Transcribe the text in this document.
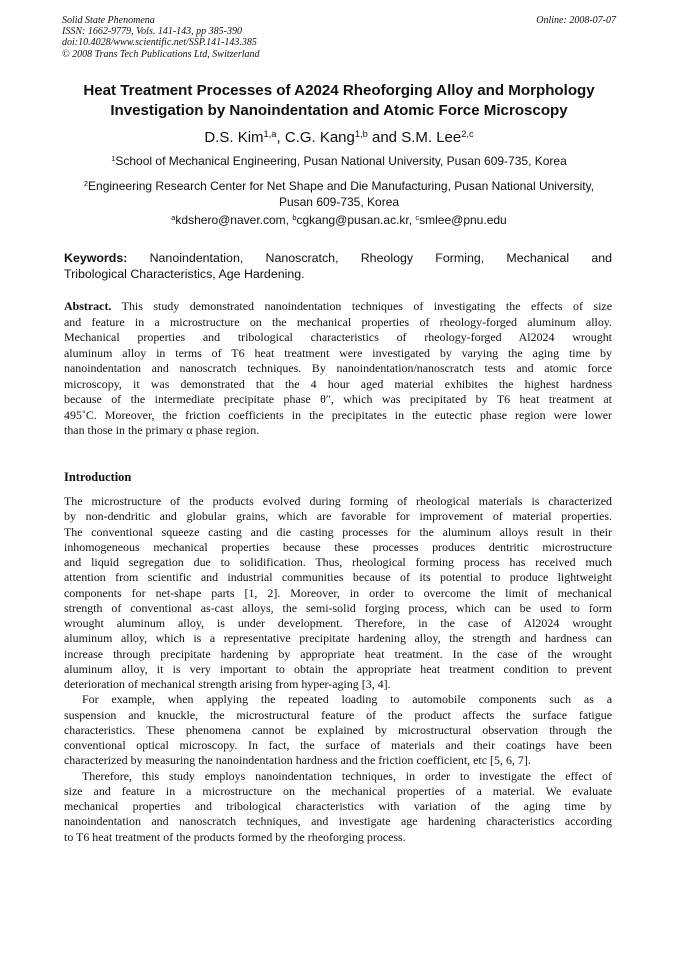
Solid State Phenomena	Online: 2008-07-07
ISSN: 1662-9779, Vols. 141-143, pp 385-390
doi:10.4028/www.scientific.net/SSP.141-143.385
© 2008 Trans Tech Publications Ltd, Switzerland
Heat Treatment Processes of A2024 Rheoforging Alloy and Morphology
Investigation by Nanoindentation and Atomic Force Microscopy
D.S. Kim$^{1,a}$, C.G. Kang$^{1,b}$ and S.M. Lee$^{2,c}$
$^1$School of Mechanical Engineering, Pusan National University, Pusan 609-735, Korea
$^2$Engineering Research Center for Net Shape and Die Manufacturing, Pusan National University,
Pusan 609-735, Korea
$^a$kdshero@naver.com, $^b$cgkang@pusan.ac.kr, $^c$smlee@pnu.edu
Keywords: Nanoindentation, Nanoscratch, Rheology Forming, Mechanical and
Tribological Characteristics, Age Hardening.
Abstract. This study demonstrated nanoindentation techniques of investigating the effects of size
and feature in a microstructure on the mechanical properties of rheology-forged aluminum alloy.
Mechanical properties and tribological characteristics of rheology-forged Al2024 wrought
aluminum alloy in terms of T6 heat treatment were investigated by varying the aging time by
nanoindentation and nanoscratch techniques. By nanoindentation/nanoscratch tests and atomic force
microscopy, it was demonstrated that the 4 hour aged material exhibites the highest hardness
because of the intermediate precipitate phase θ″, which was precipitated by T6 heat treatment at
495˚C. Moreover, the friction coefficients in the precipitates in the eutectic phase region were lower
than those in the primary α phase region.
Introduction
The microstructure of the products evolved during forming of rheological materials is characterized
by non-dendritic and globular grains, which are favorable for improvement of material properties.
The conventional squeeze casting and die casting processes for the aluminum alloys result in their
inhomogeneous mechanical properties because these processes produces dentritic microstructure
and liquid segregation due to solidification. Thus, rheological forming process has received much
attention from scientific and industrial communities because of its potential to produce lightweight
components for net-shape parts [1, 2]. Moreover, in order to overcome the limit of mechanical
strength of conventional as-cast alloys, the semi-solid forging process, which can be used to form
wrought aluminum alloy, is under development. Therefore, in the case of Al2024 wrought
aluminum alloy, which is a representative precipitate hardening alloy, the strength and hardness can
increase through precipitate hardening by appropriate heat treatment. In the case of the wrought
aluminum alloy, it is very important to obtain the appropriate heat treatment condition to prevent
deterioration of mechanical strength arising from hyper-aging [3, 4].
For example, when applying the repeated loading to automobile components such as a
suspension and knuckle, the microstructural feature of the product affects the surface fatigue
characteristics. These phenomena cannot be explained by microstructural observation through the
conventional optical microscopy. In fact, the surface of materials and their coatings have been
characterized by measuring the nanoindentation hardness and the friction coefficient, etc [5, 6, 7].
Therefore, this study employs nanoindentation techniques, in order to investigate the effect of
size and feature in a microstructure on the mechanical properties of a material. We evaluate
mechanical properties and tribological characteristics with variation of the aging time by
nanoindentation and nanoscratch techniques, and investigate age hardening characteristics according
to T6 heat treatment of the products formed by the rheoforging process.
